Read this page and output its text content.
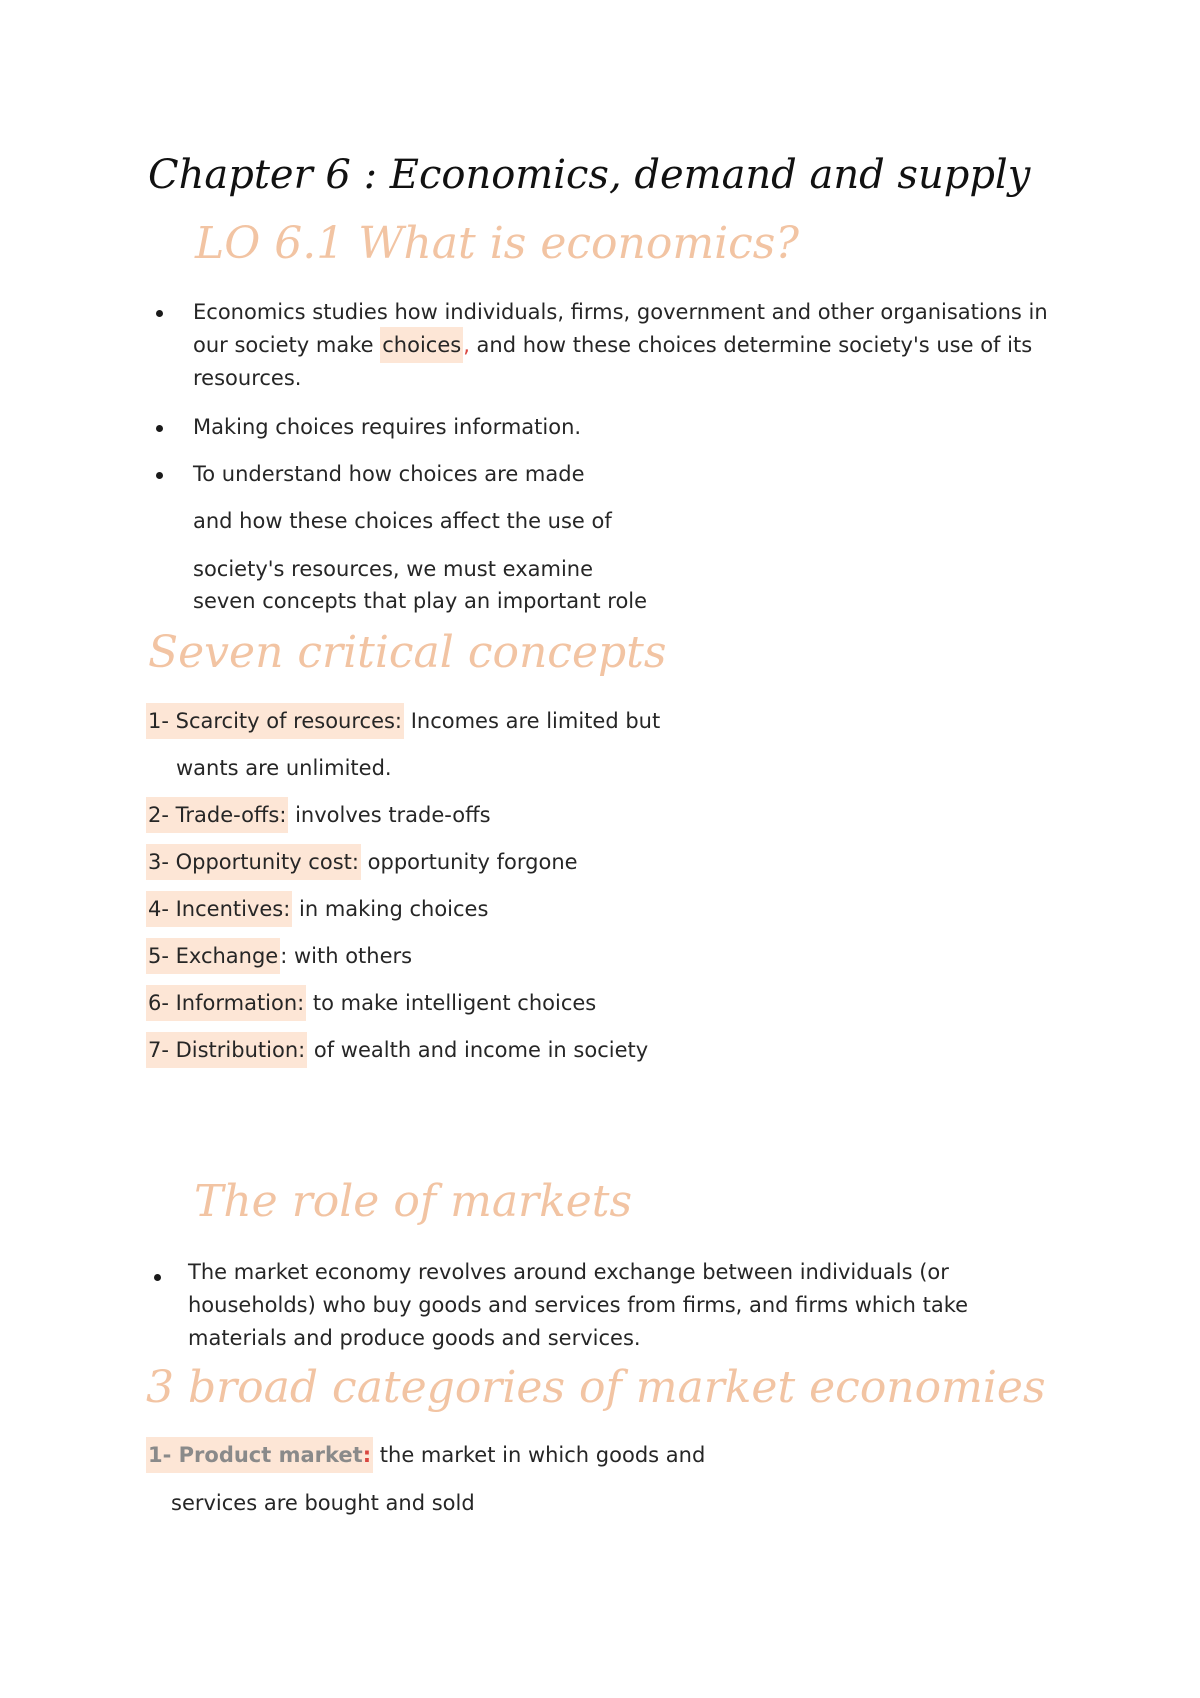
Chapter 6 : Economics, demand and supply
LO 6.1 What is economics?
Economics studies how individuals, firms, government and other organisations in
our society make choices, and how these choices determine society's use of its
resources.
Making choices requires information.
To understand how choices are made
and how these choices affect the use of
society's resources, we must examine
seven concepts that play an important role
Seven critical concepts
1- Scarcity of resources: Incomes are limited but
wants are unlimited.
2- Trade-offs: involves trade-offs
3- Opportunity cost: opportunity forgone
4- Incentives: in making choices
5- Exchange: with others
6- Information: to make intelligent choices
7- Distribution: of wealth and income in society
The role of markets
The market economy revolves around exchange between individuals (or
households) who buy goods and services from firms, and firms which take
materials and produce goods and services.
3 broad categories of market economies
1- Product market: the market in which goods and
services are bought and sold
